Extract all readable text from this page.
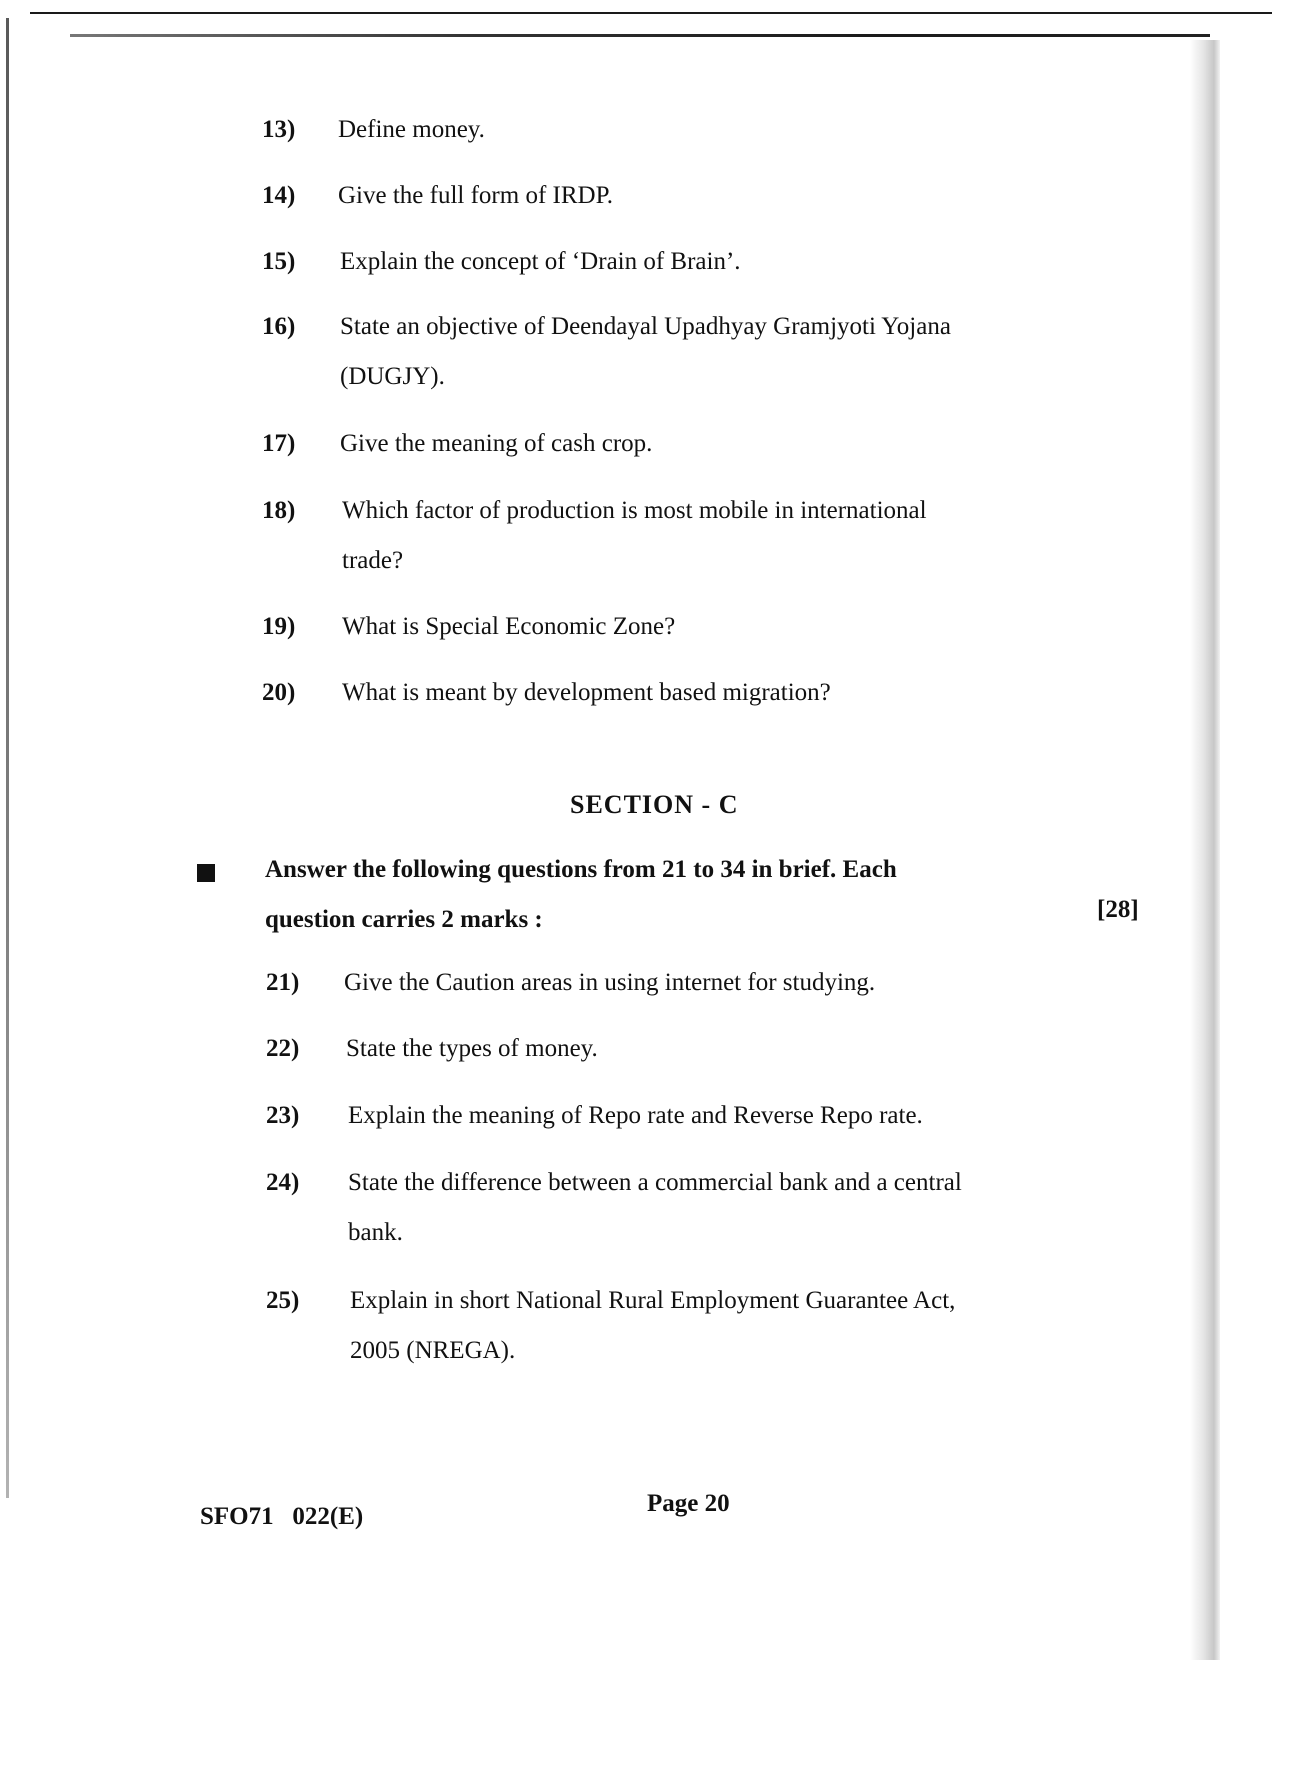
13) Define money.
14) Give the full form of IRDP.
15) Explain the concept of ‘Drain of Brain’.
16) State an objective of Deendayal Upadhyay Gramjyoti Yojana
(DUGJY).
17) Give the meaning of cash crop.
18) Which factor of production is most mobile in international
trade?
19) What is Special Economic Zone?
20) What is meant by development based migration?
SECTION - C
Answer the following questions from 21 to 34 in brief. Each
question carries 2 marks :	[28]
21) Give the Caution areas in using internet for studying.
22) State the types of money.
23) Explain the meaning of Repo rate and Reverse Repo rate.
24) State the difference between a commercial bank and a central
bank.
25) Explain in short National Rural Employment Guarantee Act,
2005 (NREGA).
SFO71   022(E)	Page 20
